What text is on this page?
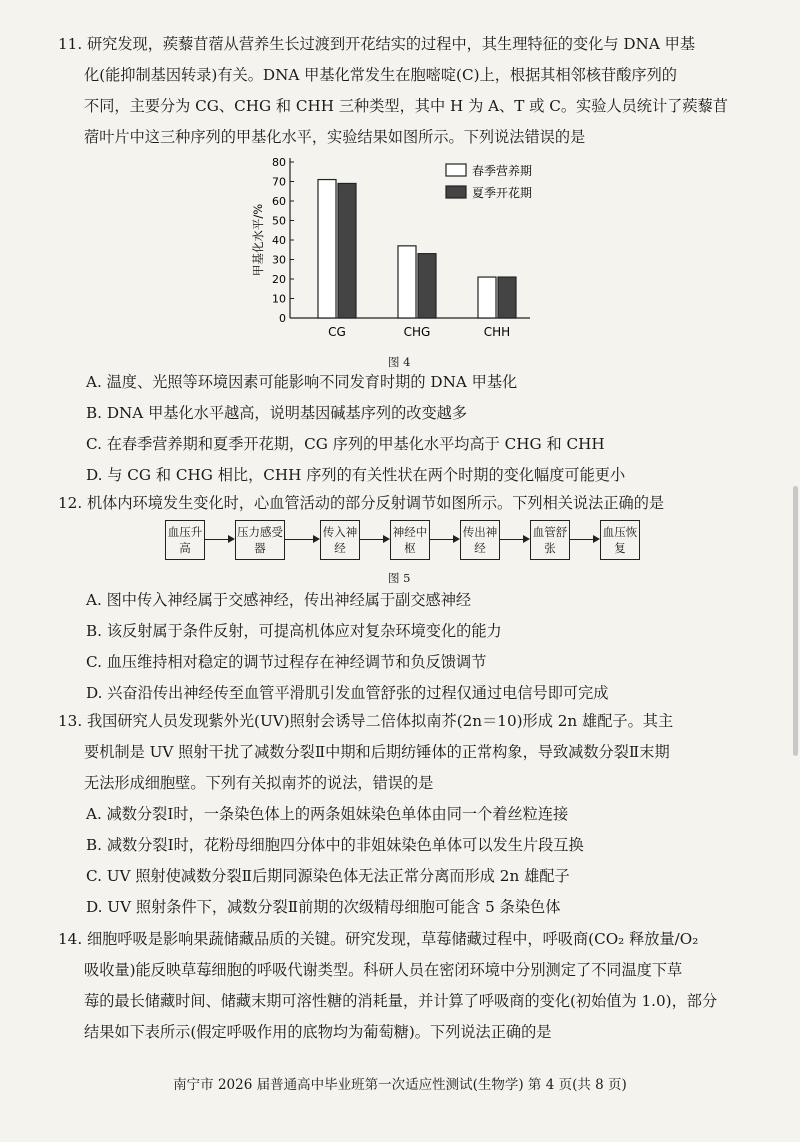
11. 研究发现，蒺藜苜蓿从营养生长过渡到开花结实的过程中，其生理特征的变化与 DNA 甲基
化(能抑制基因转录)有关。DNA 甲基化常发生在胞嘧啶(C)上，根据其相邻核苷酸序列的
不同，主要分为 CG、CHG 和 CHH 三种类型，其中 H 为 A、T 或 C。实验人员统计了蒺藜苜
蓿叶片中这三种序列的甲基化水平，实验结果如图所示。下列说法错误的是
0
10
20
30
40
50
60
70
80
甲基化水平/%
CG	CHG	CHH
春季营养期
夏季开花期
图 4
A. 温度、光照等环境因素可能影响不同发育时期的 DNA 甲基化
B. DNA 甲基化水平越高，说明基因碱基序列的改变越多
C. 在春季营养期和夏季开花期，CG 序列的甲基化水平均高于 CHG 和 CHH
D. 与 CG 和 CHG 相比，CHH 序列的有关性状在两个时期的变化幅度可能更小
12. 机体内环境发生变化时，心血管活动的部分反射调节如图所示。下列相关说法正确的是
血压升高
压力感受器
传入神经
神经中枢
传出神经
血管舒张
血压恢复
图 5
A. 图中传入神经属于交感神经，传出神经属于副交感神经
B. 该反射属于条件反射，可提高机体应对复杂环境变化的能力
C. 血压维持相对稳定的调节过程存在神经调节和负反馈调节
D. 兴奋沿传出神经传至血管平滑肌引发血管舒张的过程仅通过电信号即可完成
13. 我国研究人员发现紫外光(UV)照射会诱导二倍体拟南芥(2n＝10)形成 2n 雄配子。其主
要机制是 UV 照射干扰了减数分裂Ⅱ中期和后期纺锤体的正常构象，导致减数分裂Ⅱ末期
无法形成细胞壁。下列有关拟南芥的说法，错误的是
A. 减数分裂Ⅰ时，一条染色体上的两条姐妹染色单体由同一个着丝粒连接
B. 减数分裂Ⅰ时，花粉母细胞四分体中的非姐妹染色单体可以发生片段互换
C. UV 照射使减数分裂Ⅱ后期同源染色体无法正常分离而形成 2n 雄配子
D. UV 照射条件下，减数分裂Ⅱ前期的次级精母细胞可能含 5 条染色体
14. 细胞呼吸是影响果蔬储藏品质的关键。研究发现，草莓储藏过程中，呼吸商(CO₂ 释放量/O₂
吸收量)能反映草莓细胞的呼吸代谢类型。科研人员在密闭环境中分别测定了不同温度下草
莓的最长储藏时间、储藏末期可溶性糖的消耗量，并计算了呼吸商的变化(初始值为 1.0)，部分
结果如下表所示(假定呼吸作用的底物均为葡萄糖)。下列说法正确的是
南宁市 2026 届普通高中毕业班第一次适应性测试(生物学) 第 4 页(共 8 页)
